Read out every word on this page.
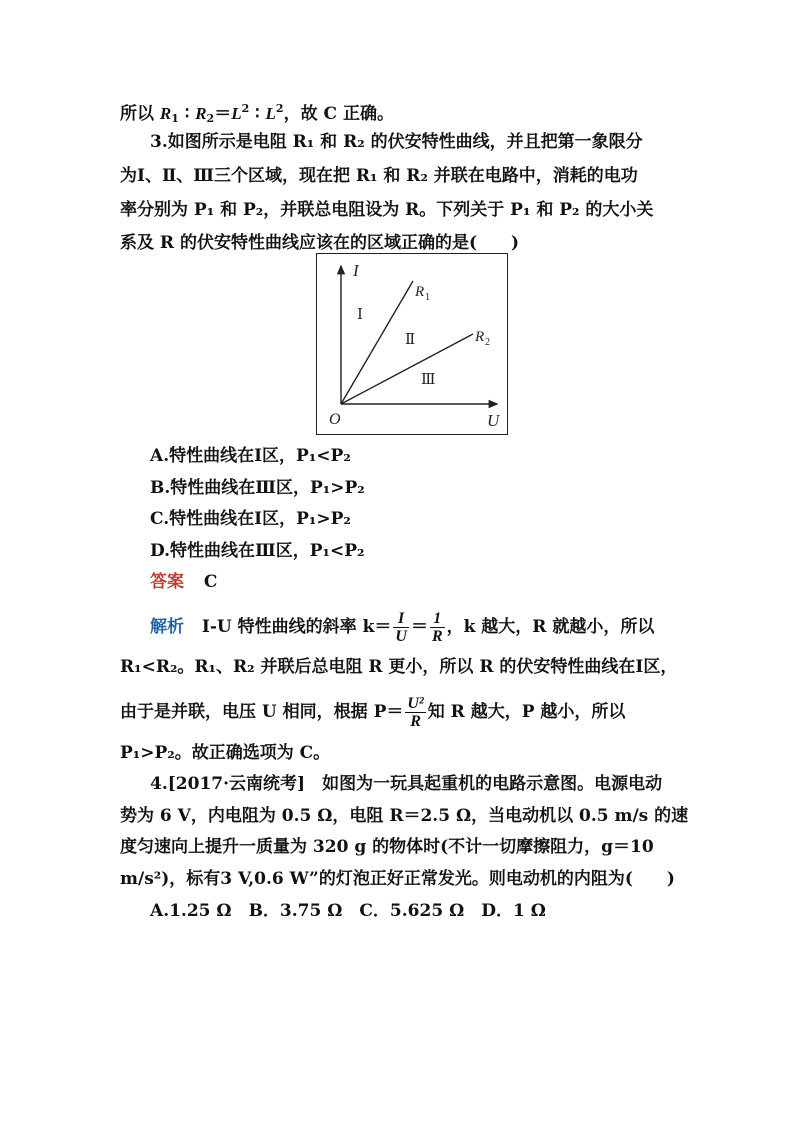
所以 $R_1$ ∶ $R_2=L^2$ ∶ $L^2$，故 C 正确。
3.如图所示是电阻 R₁ 和 R₂ 的伏安特性曲线，并且把第一象限分
为Ⅰ、Ⅱ、Ⅲ三个区域，现在把 R₁ 和 R₂ 并联在电路中，消耗的电功
率分别为 P₁ 和 P₂，并联总电阻设为 R。下列关于 P₁ 和 P₂ 的大小关
系及 R 的伏安特性曲线应该在的区域正确的是(　　)
I
U
O
R 1
R 2
Ⅰ
Ⅱ
Ⅲ
A.特性曲线在Ⅰ区，P₁<P₂
B.特性曲线在Ⅲ区，P₁>P₂
C.特性曲线在Ⅰ区，P₁>P₂
D.特性曲线在Ⅲ区，P₁<P₂
答案 C
解析 I-U 特性曲线的斜率 $k= \frac{I}{U} = \frac{1}{R}$ ，k 越大，R 就越小，所以
R₁<R₂。R₁、R₂ 并联后总电阻 R 更小，所以 R 的伏安特性曲线在Ⅰ区，
由于是并联，电压 U 相同，根据 $P= \frac{\text{U²}}{R}$ 知 R 越大，P 越小，所以
P₁>P₂。故正确选项为 C。
4.[2017·云南统考]　如图为一玩具起重机的电路示意图。电源电动
势为 6 V，内电阻为 0.5 Ω，电阻 R＝2.5 Ω，当电动机以 0.5 m/s 的速
度匀速向上提升一质量为 320 g 的物体时(不计一切摩擦阻力，g＝10
m/s²)，标有3 V,0.6 W”的灯泡正好正常发光。则电动机的内阻为(　　)
A.1.25 Ω　B．3.75 Ω　C．5.625 Ω　D．1 Ω
